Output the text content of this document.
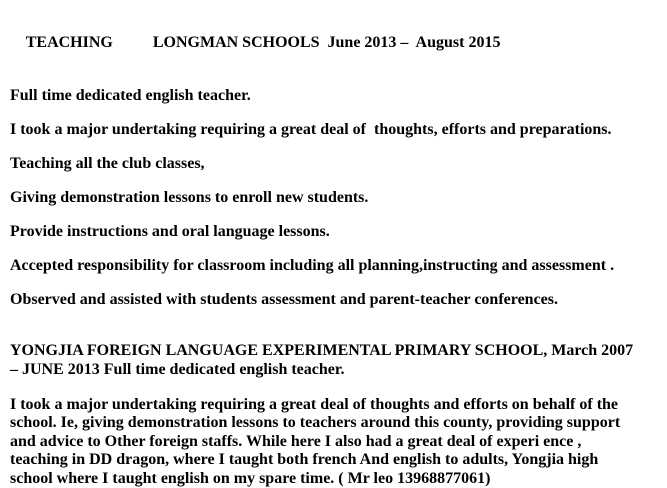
TEACHING	LONGMAN SCHOOLS  June 2013 –  August 2015

Full time dedicated english teacher.

I took a major undertaking requiring a great deal of  thoughts, efforts and preparations.

Teaching all the club classes,

Giving demonstration lessons to enroll new students.

Provide instructions and oral language lessons.

Accepted responsibility for classroom including all planning,instructing and assessment .

Observed and assisted with students assessment and parent-teacher conferences.

YONGJIA FOREIGN LANGUAGE EXPERIMENTAL PRIMARY SCHOOL, March 2007

– JUNE 2013 Full time dedicated english teacher.

I took a major undertaking requiring a great deal of thoughts and efforts on behalf of the

school. Ie, giving demonstration lessons to teachers around this county, providing support

and advice to Other foreign staffs. While here I also had a great deal of experi ence ,

teaching in DD dragon, where I taught both french And english to adults, Yongjia high

school where I taught english on my spare time. ( Mr leo 13968877061)
